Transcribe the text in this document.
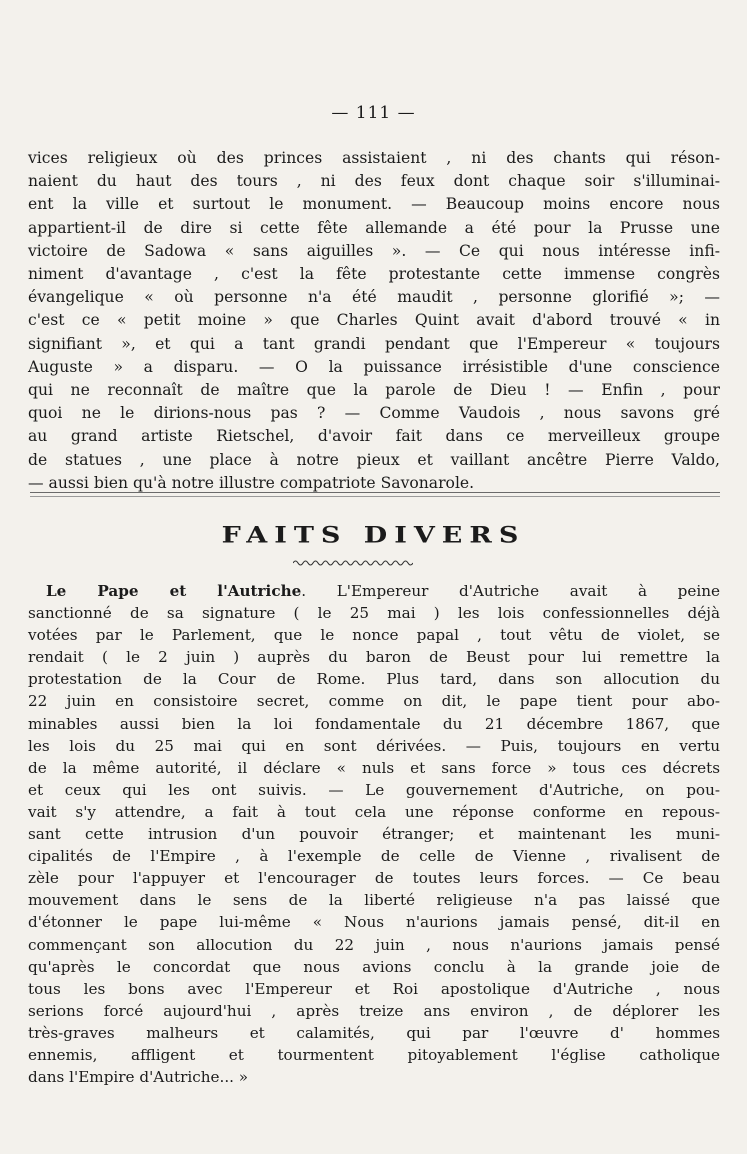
— 111 —
vices religieux où des princes assistaient , ni des chants qui réson-
naient du haut des tours , ni des feux dont chaque soir s'illuminai-
ent la ville et surtout le monument. — Beaucoup moins encore nous
appartient-il de dire si cette fête allemande a été pour la Prusse une
victoire de Sadowa « sans aiguilles ». — Ce qui nous intéresse infi-
niment d'avantage , c'est la fête protestante cette immense congrès
évangelique « où personne n'a été maudit , personne glorifié »; —
c'est ce « petit moine » que Charles Quint avait d'abord trouvé « in
signifiant », et qui a tant grandi pendant que l'Empereur « toujours
Auguste » a disparu. — O la puissance irrésistible d'une conscience
qui ne reconnaît de maître que la parole de Dieu ! — Enfin , pour
quoi ne le dirions-nous pas ? — Comme Vaudois , nous savons gré
au grand artiste Rietschel, d'avoir fait dans ce merveilleux groupe
de statues , une place à notre pieux et vaillant ancêtre Pierre Valdo,
— aussi bien qu'à notre illustre compatriote Savonarole.
FAITS DIVERS
Le Pape et l'Autriche. L'Empereur d'Autriche avait à peine
sanctionné de sa signature ( le 25 mai ) les lois confessionnelles déjà
votées par le Parlement, que le nonce papal , tout vêtu de violet, se
rendait ( le 2 juin ) auprès du baron de Beust pour lui remettre la
protestation de la Cour de Rome. Plus tard, dans son allocution du
22 juin en consistoire secret, comme on dit, le pape tient pour abo-
minables aussi bien la loi fondamentale du 21 décembre 1867, que
les lois du 25 mai qui en sont dérivées. — Puis, toujours en vertu
de la même autorité, il déclare « nuls et sans force » tous ces décrets
et ceux qui les ont suivis. — Le gouvernement d'Autriche, on pou-
vait s'y attendre, a fait à tout cela une réponse conforme en repous-
sant cette intrusion d'un pouvoir étranger; et maintenant les muni-
cipalités de l'Empire , à l'exemple de celle de Vienne , rivalisent de
zèle pour l'appuyer et l'encourager de toutes leurs forces. — Ce beau
mouvement dans le sens de la liberté religieuse n'a pas laissé que
d'étonner le pape lui-même « Nous n'aurions jamais pensé, dit-il en
commençant son allocution du 22 juin , nous n'aurions jamais pensé
qu'après le concordat que nous avions conclu à la grande joie de
tous les bons avec l'Empereur et Roi apostolique d'Autriche , nous
serions forcé aujourd'hui , après treize ans environ , de déplorer les
très-graves malheurs et calamités, qui par l'œuvre d' hommes
ennemis, affligent et tourmentent pitoyablement l'église catholique
dans l'Empire d'Autriche... »
